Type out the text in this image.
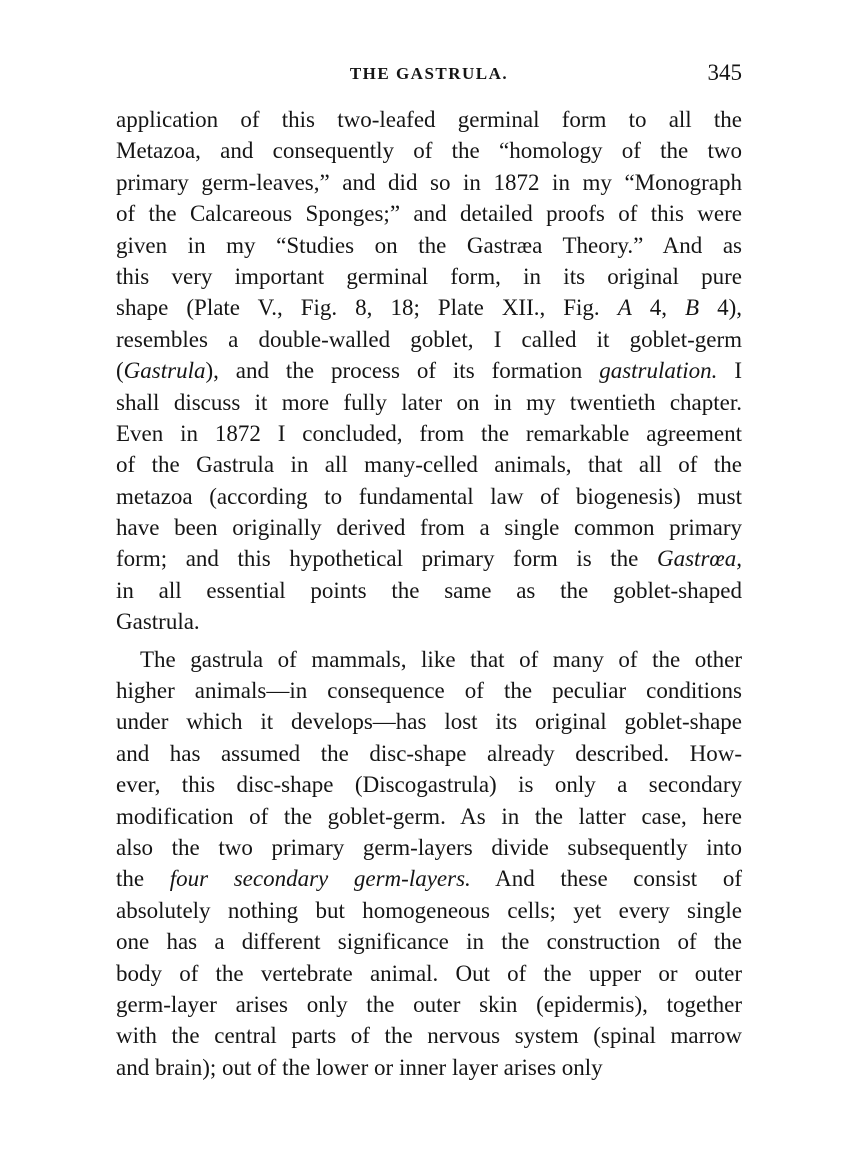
THE GASTRULA.	345
application of this two-leafed germinal form to all the
Metazoa, and consequently of the “homology of the two
primary germ-leaves,” and did so in 1872 in my “Monograph
of the Calcareous Sponges;” and detailed proofs of this were
given in my “Studies on the Gastræa Theory.” And as
this very important germinal form, in its original pure
shape (Plate V., Fig. 8, 18; Plate XII., Fig. A 4, B 4),
resembles a double-walled goblet, I called it goblet-germ
(Gastrula), and the process of its formation gastrulation. I
shall discuss it more fully later on in my twentieth chapter.
Even in 1872 I concluded, from the remarkable agreement
of the Gastrula in all many-celled animals, that all of the
metazoa (according to fundamental law of biogenesis) must
have been originally derived from a single common primary
form; and this hypothetical primary form is the Gastrœa,
in all essential points the same as the goblet-shaped
Gastrula.
The gastrula of mammals, like that of many of the other
higher animals—in consequence of the peculiar conditions
under which it develops—has lost its original goblet-shape
and has assumed the disc-shape already described. How-
ever, this disc-shape (Discogastrula) is only a secondary
modification of the goblet-germ. As in the latter case, here
also the two primary germ-layers divide subsequently into
the four secondary germ-layers. And these consist of
absolutely nothing but homogeneous cells; yet every single
one has a different significance in the construction of the
body of the vertebrate animal. Out of the upper or outer
germ-layer arises only the outer skin (epidermis), together
with the central parts of the nervous system (spinal marrow
and brain); out of the lower or inner layer arises only
